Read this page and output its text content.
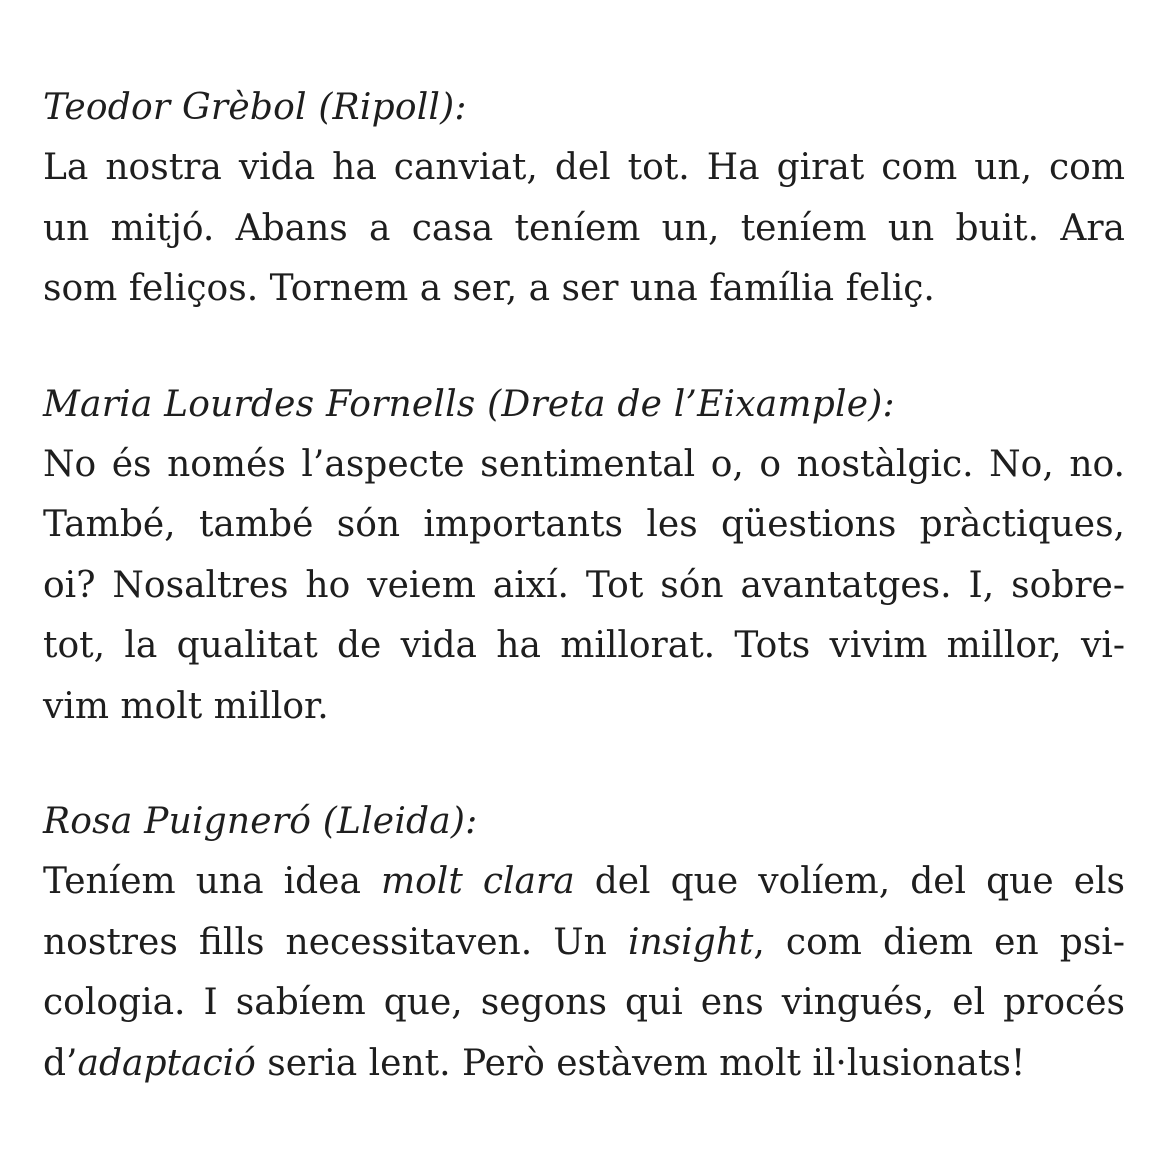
Teodor Grèbol (Ripoll):

La nostra vida ha canviat, del tot. Ha girat com un, com
un mitjó. Abans a casa teníem un, teníem un buit. Ara
som feliços. Tornem a ser, a ser una família feliç.

Maria Lourdes Fornells (Dreta de l’Eixample):

No és només l’aspecte sentimental o, o nostàlgic. No, no.
També, també són importants les qüestions pràctiques,
oi? Nosaltres ho veiem així. Tot són avantatges. I, sobre-
tot, la qualitat de vida ha millorat. Tots vivim millor, vi-
vim molt millor.

Rosa Puigneró (Lleida):

Teníem una idea molt clara del que volíem, del que els
nostres fills necessitaven. Un insight, com diem en psi-
cologia. I sabíem que, segons qui ens vingués, el procés
d’adaptació seria lent. Però estàvem molt il·lusionats!
